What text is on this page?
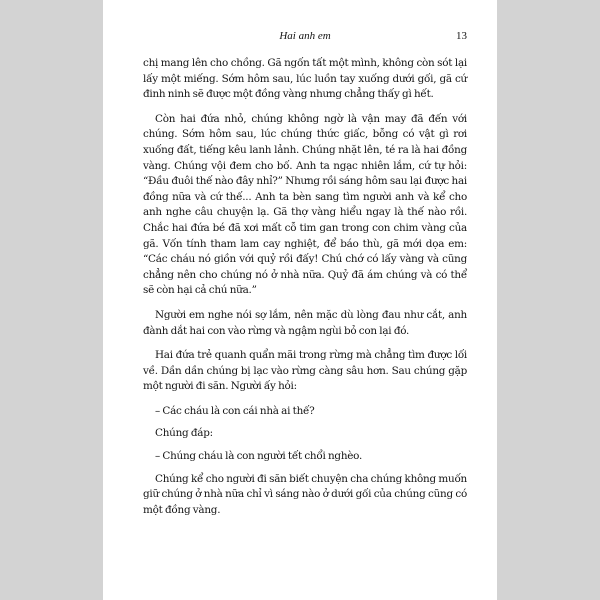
Hai anh em	13

chị mang lên cho chồng. Gã ngốn tất một mình, không còn sót lại lấy một miếng. Sớm hôm sau, lúc luồn tay xuống dưới gối, gã cứ đinh ninh sẽ được một đồng vàng nhưng chẳng thấy gì hết.

Còn hai đứa nhỏ, chúng không ngờ là vận may đã đến với chúng. Sớm hôm sau, lúc chúng thức giấc, bỗng có vật gì rơi xuống đất, tiếng kêu lanh lảnh. Chúng nhặt lên, té ra là hai đồng vàng. Chúng vội đem cho bố. Anh ta ngạc nhiên lắm, cứ tự hỏi: “Đầu đuôi thế nào đây nhỉ?” Nhưng rồi sáng hôm sau lại được hai đồng nữa và cứ thế... Anh ta bèn sang tìm người anh và kể cho anh nghe câu chuyện lạ. Gã thợ vàng hiểu ngay là thế nào rồi. Chắc hai đứa bé đã xơi mất cỗ tim gan trong con chim vàng của gã. Vốn tính tham lam cay nghiệt, để báo thù, gã mới dọa em: “Các cháu nó giồn với quỷ rồi đấy! Chú chớ có lấy vàng và cũng chẳng nên cho chúng nó ở nhà nữa. Quỷ đã ám chúng và có thể sẽ còn hại cả chú nữa.”

Người em nghe nói sợ lắm, nên mặc dù lòng đau như cắt, anh đành dắt hai con vào rừng và ngậm ngùi bỏ con lại đó.

Hai đứa trẻ quanh quẩn mãi trong rừng mà chẳng tìm được lối về. Dần dần chúng bị lạc vào rừng càng sâu hơn. Sau chúng gặp một người đi săn. Người ấy hỏi:

– Các cháu là con cái nhà ai thế?

Chúng đáp:

– Chúng cháu là con người tết chổi nghèo.

Chúng kể cho người đi săn biết chuyện cha chúng không muốn giữ chúng ở nhà nữa chỉ vì sáng nào ở dưới gối của chúng cũng có một đồng vàng.
